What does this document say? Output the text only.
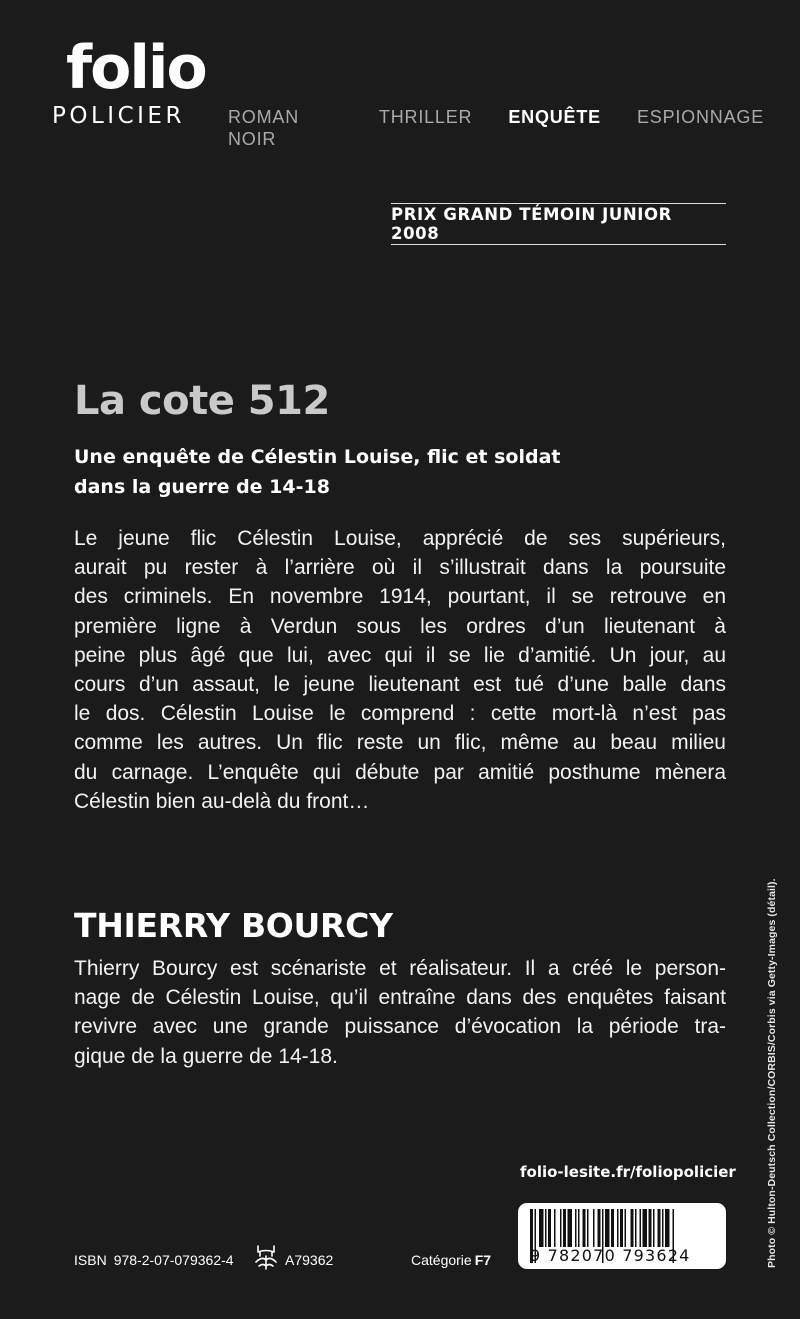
folio
POLICIER ROMAN NOIR
THRILLER ENQUÊTE ESPIONNAGE
PRIX GRAND TÉMOIN JUNIOR 2008
La cote 512
Une enquête de Célestin Louise, flic et soldat
dans la guerre de 14-18
Le jeune flic Célestin Louise, apprécié de ses supérieurs,
aurait pu rester à l’arrière où il s’illustrait dans la poursuite
des criminels. En novembre 1914, pourtant, il se retrouve en
première ligne à Verdun sous les ordres d’un lieutenant à
peine plus âgé que lui, avec qui il se lie d’amitié. Un jour, au
cours d’un assaut, le jeune lieutenant est tué d’une balle dans
le dos. Célestin Louise le comprend : cette mort-là n’est pas
comme les autres. Un flic reste un flic, même au beau milieu
du carnage. L’enquête qui débute par amitié posthume mènera
Célestin bien au-delà du front…
THIERRY BOURCY
Thierry Bourcy est scénariste et réalisateur. Il a créé le person-
nage de Célestin Louise, qu’il entraîne dans des enquêtes faisant
revivre avec une grande puissance d’évocation la période tra-
gique de la guerre de 14-18.	Photo © Hulton-Deutsch Collection/CORBIS/Corbis via Getty-Images (détail).
folio-lesite.fr/foliopolicier
9 782070 793624
ISBN 978-2-07-079362-4	A79362	Catégorie F7
